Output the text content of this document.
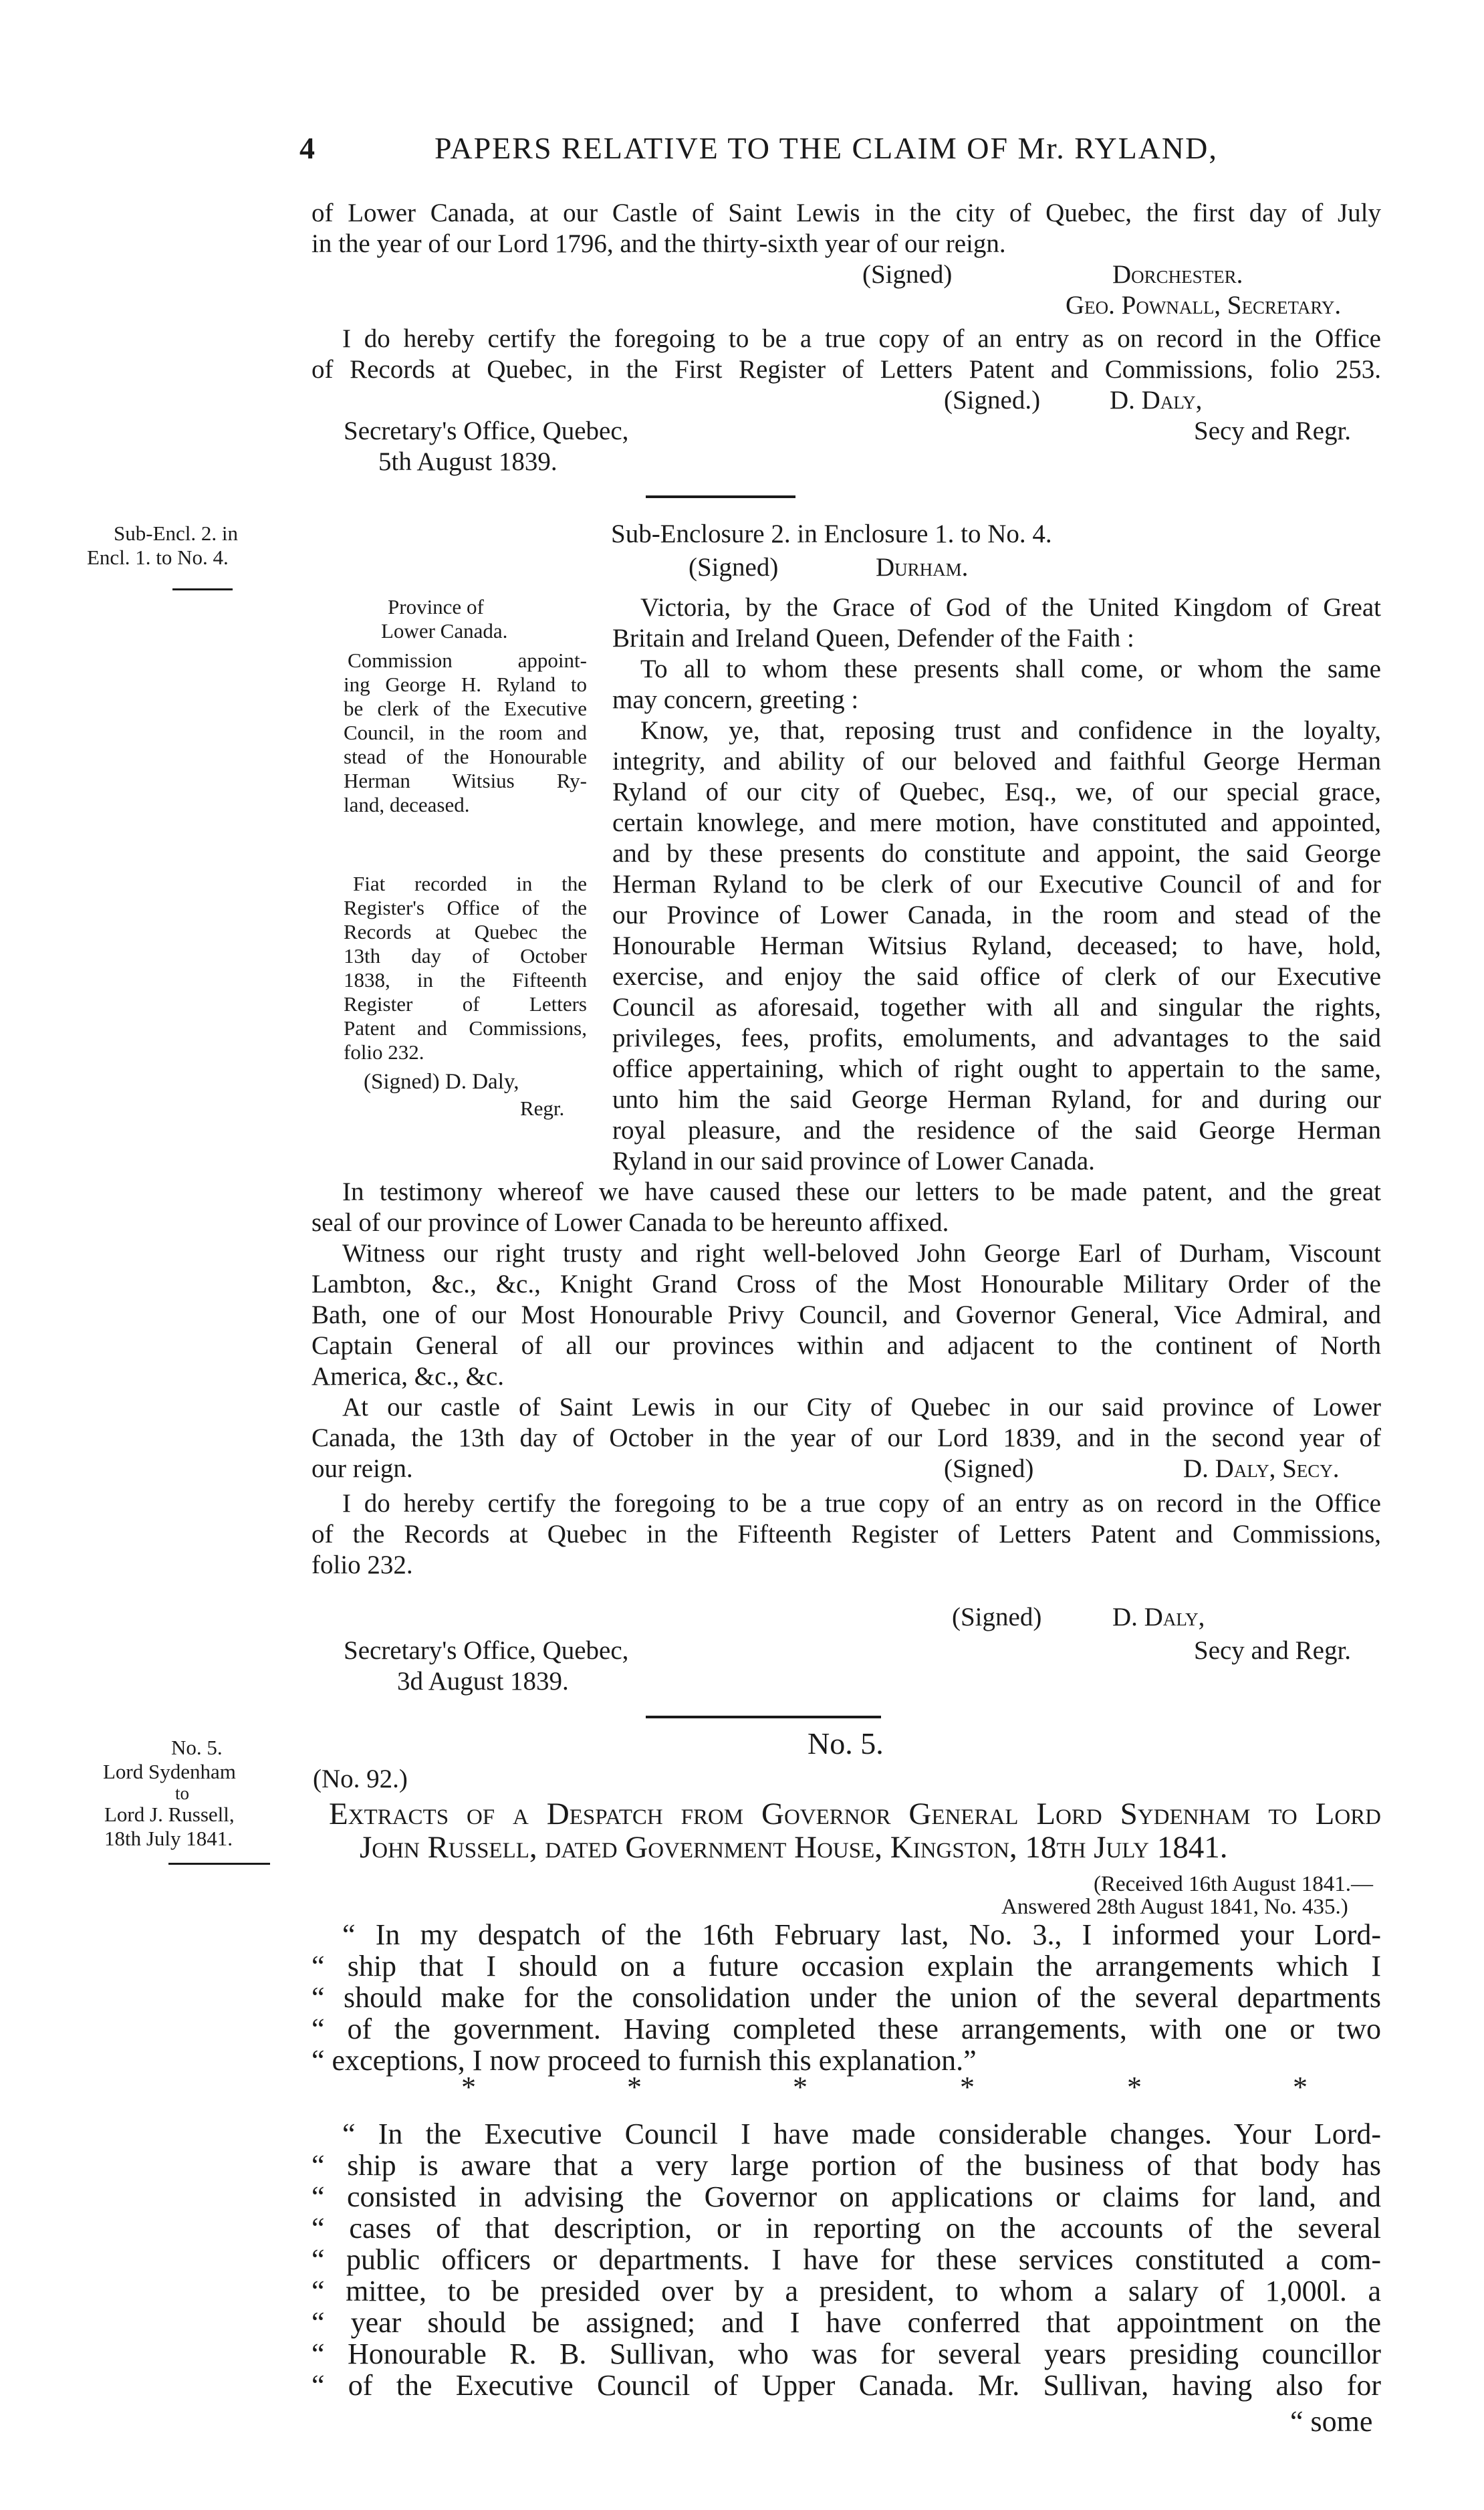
4	PAPERS RELATIVE TO THE CLAIM OF Mr. RYLAND,
of Lower Canada, at our Castle of Saint Lewis in the city of Quebec, the first day of July
in the year of our Lord 1796, and the thirty-sixth year of our reign.
(Signed)	Dorchester.
Geo. Pownall, Secretary.
I do hereby certify the foregoing to be a true copy of an entry as on record in the Office
of Records at Quebec, in the First Register of Letters Patent and Commissions, folio 253.
(Signed.)	D. Daly,
Secretary's Office, Quebec,	Secy and Regr.
5th August 1839.
Sub-Encl. 2. in
Encl. 1. to No. 4.
Sub-Enclosure 2. in Enclosure 1. to No. 4.
(Signed)	Durham.
Province of
Lower Canada.
Commission appoint-
ing George H. Ryland to
be clerk of the Executive
Council, in the room and
stead of the Honourable
Herman Witsius Ry-
land, deceased.
Fiat recorded in the
Register's Office of the
Records at Quebec the
13th day of October
1838, in the Fifteenth
Register of Letters
Patent and Commissions,
folio 232.
(Signed) D. Daly,
Regr.
Victoria, by the Grace of God of the United Kingdom of Great
Britain and Ireland Queen, Defender of the Faith :
To all to whom these presents shall come, or whom the same
may concern, greeting :
Know, ye, that, reposing trust and confidence in the loyalty,
integrity, and ability of our beloved and faithful George Herman
Ryland of our city of Quebec, Esq., we, of our special grace,
certain knowlege, and mere motion, have constituted and appointed,
and by these presents do constitute and appoint, the said George
Herman Ryland to be clerk of our Executive Council of and for
our Province of Lower Canada, in the room and stead of the
Honourable Herman Witsius Ryland, deceased; to have, hold,
exercise, and enjoy the said office of clerk of our Executive
Council as aforesaid, together with all and singular the rights,
privileges, fees, profits, emoluments, and advantages to the said
office appertaining, which of right ought to appertain to the same,
unto him the said George Herman Ryland, for and during our
royal pleasure, and the residence of the said George Herman
Ryland in our said province of Lower Canada.
In testimony whereof we have caused these our letters to be made patent, and the great
seal of our province of Lower Canada to be hereunto affixed.
Witness our right trusty and right well-beloved John George Earl of Durham, Viscount
Lambton, &c., &c., Knight Grand Cross of the Most Honourable Military Order of the
Bath, one of our Most Honourable Privy Council, and Governor General, Vice Admiral, and
Captain General of all our provinces within and adjacent to the continent of North
America, &c., &c.
At our castle of Saint Lewis in our City of Quebec in our said province of Lower
Canada, the 13th day of October in the year of our Lord 1839, and in the second year of
our reign.	(Signed)	D. Daly, Secy.
I do hereby certify the foregoing to be a true copy of an entry as on record in the Office
of the Records at Quebec in the Fifteenth Register of Letters Patent and Commissions,
folio 232.
(Signed)	D. Daly,
Secretary's Office, Quebec,	Secy and Regr.
3d August 1839.
No. 5.
Lord Sydenham
to
Lord J. Russell,
18th July 1841.
No. 5.
(No. 92.)
Extracts of a Despatch from Governor General Lord Sydenham to Lord
John Russell, dated Government House, Kingston, 18th July 1841.
(Received 16th August 1841.—
Answered 28th August 1841, No. 435.)
“ In my despatch of the 16th February last, No. 3., I informed your Lord-
“ ship that I should on a future occasion explain the arrangements which I
“ should make for the consolidation under the union of the several departments
“ of the government. Having completed these arrangements, with one or two
“ exceptions, I now proceed to furnish this explanation.”
*	*	*	*	*	*
“ In the Executive Council I have made considerable changes. Your Lord-
“ ship is aware that a very large portion of the business of that body has
“ consisted in advising the Governor on applications or claims for land, and
“ cases of that description, or in reporting on the accounts of the several
“ public officers or departments. I have for these services constituted a com-
“ mittee, to be presided over by a president, to whom a salary of 1,000l. a
“ year should be assigned; and I have conferred that appointment on the
“ Honourable R. B. Sullivan, who was for several years presiding councillor
“ of the Executive Council of Upper Canada. Mr. Sullivan, having also for
“ some
